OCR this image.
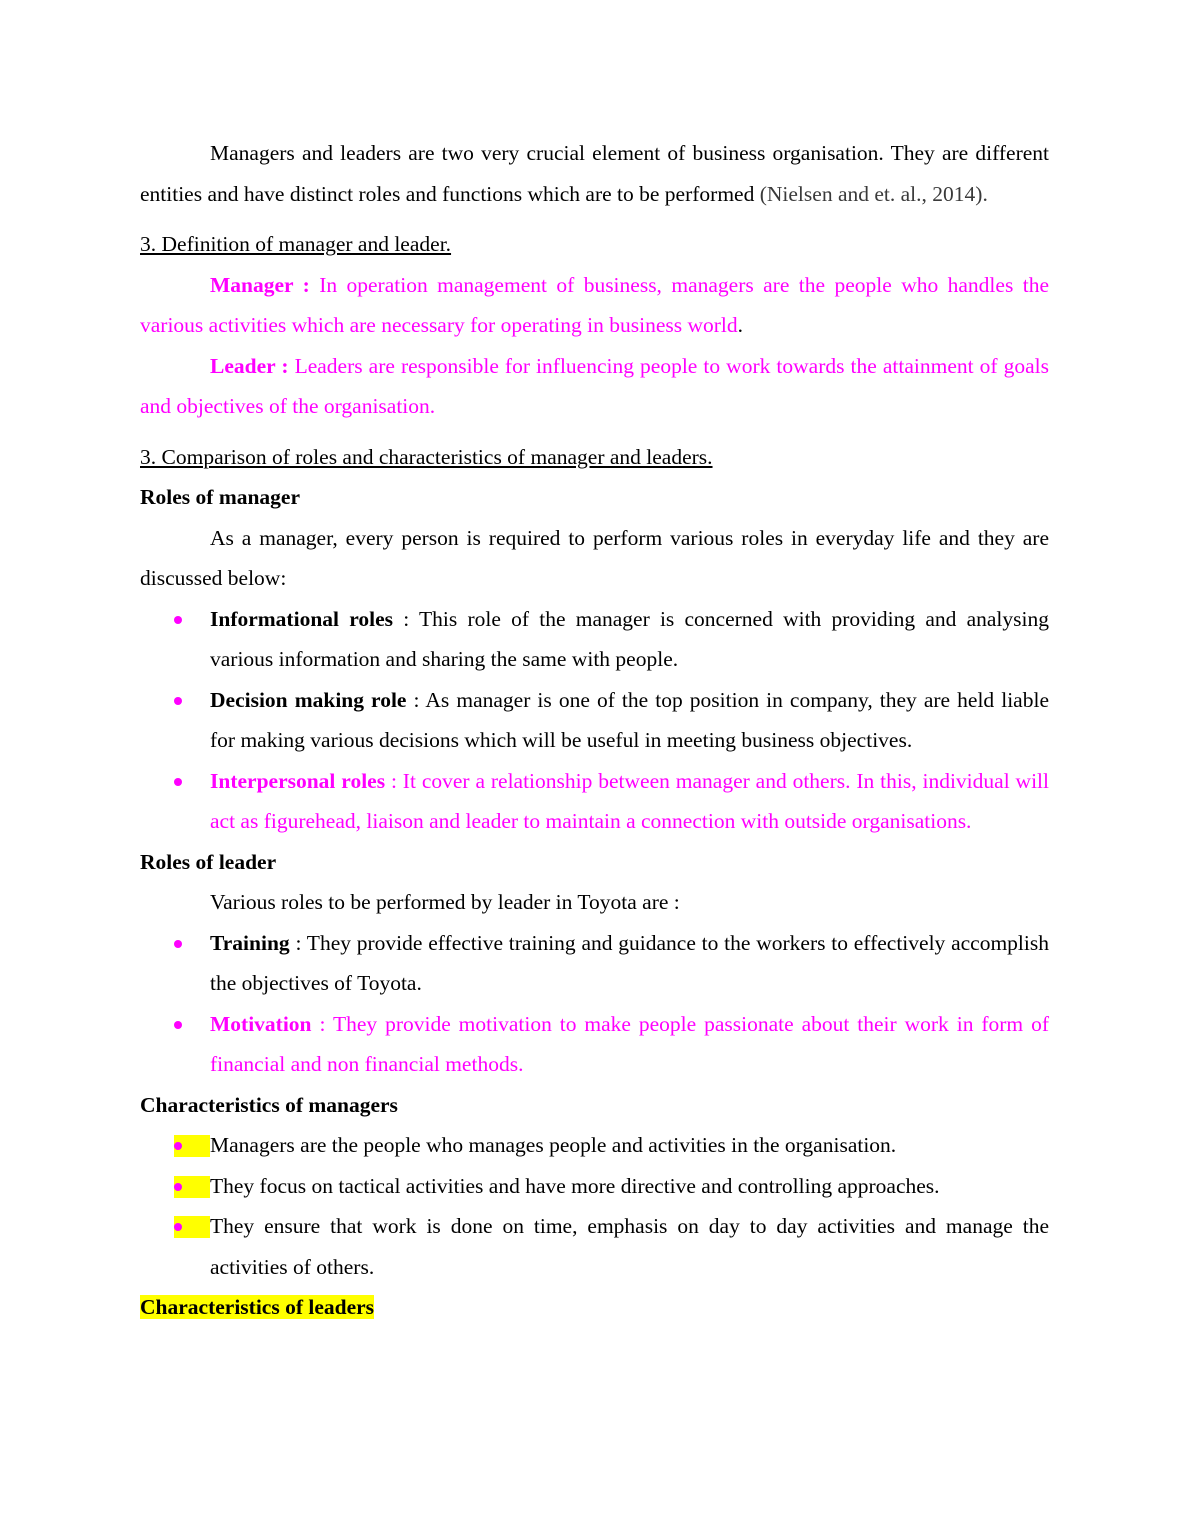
Managers and leaders are two very crucial element of business organisation. They are different entities and have distinct roles and functions which are to be performed (Nielsen and et. al., 2014).

3. Definition of manager and leader.

Manager : In operation management of business, managers are the people who handles the various activities which are necessary for operating in business world.

Leader : Leaders are responsible for influencing people to work towards the attainment of goals and objectives of the organisation.

3. Comparison of roles and characteristics of manager and leaders.

Roles of manager

As a manager, every person is required to perform various roles in everyday life and they are discussed below:

Informational roles : This role of the manager is concerned with providing and analysing various information and sharing the same with people.
Decision making role : As manager is one of the top position in company, they are held liable for making various decisions which will be useful in meeting business objectives.
Interpersonal roles : It cover a relationship between manager and others. In this, individual will act as figurehead, liaison and leader to maintain a connection with outside organisations.

Roles of leader

Various roles to be performed by leader in Toyota are :

Training : They provide effective training and guidance to the workers to effectively accomplish the objectives of Toyota.
Motivation : They provide motivation to make people passionate about their work in form of financial and non financial methods.

Characteristics of managers

Managers are the people who manages people and activities in the organisation.
They focus on tactical activities and have more directive and controlling approaches.
They ensure that work is done on time, emphasis on day to day activities and manage the activities of others.

Characteristics of leaders
